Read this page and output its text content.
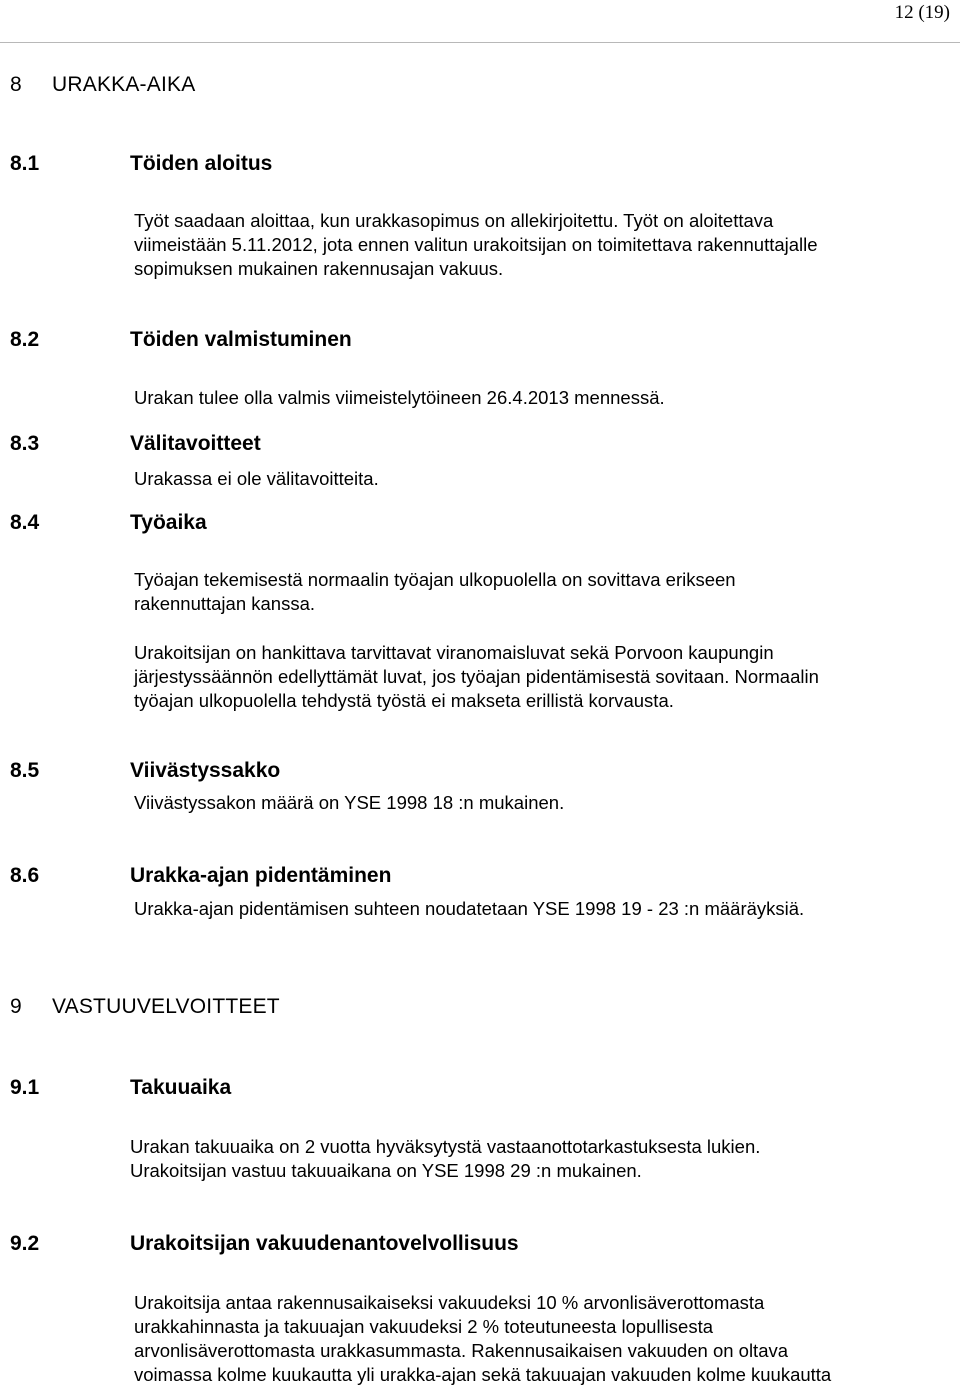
12 (19)
8 URAKKA-AIKA
8.1	Töiden aloitus
Työt saadaan aloittaa, kun urakkasopimus on allekirjoitettu. Työt on aloitettava
viimeistään 5.11.2012, jota ennen valitun urakoitsijan on toimitettava rakennuttajalle
sopimuksen mukainen rakennusajan vakuus.
8.2	Töiden valmistuminen
Urakan tulee olla valmis viimeistelytöineen 26.4.2013 mennessä.
8.3	Välitavoitteet
Urakassa ei ole välitavoitteita.
8.4	Työaika
Työajan tekemisestä normaalin työajan ulkopuolella on sovittava erikseen
rakennuttajan kanssa.
Urakoitsijan on hankittava tarvittavat viranomaisluvat sekä Porvoon kaupungin
järjestyssäännön edellyttämät luvat, jos työajan pidentämisestä sovitaan. Normaalin
työajan ulkopuolella tehdystä työstä ei makseta erillistä korvausta.
8.5	Viivästyssakko
Viivästyssakon määrä on YSE 1998 18 :n mukainen.
8.6	Urakka-ajan pidentäminen
Urakka-ajan pidentämisen suhteen noudatetaan YSE 1998 19 - 23 :n määräyksiä.
9 VASTUUVELVOITTEET
9.1	Takuuaika
Urakan takuuaika on 2 vuotta hyväksytystä vastaanottotarkastuksesta lukien.
Urakoitsijan vastuu takuuaikana on YSE 1998 29 :n mukainen.
9.2	Urakoitsijan vakuudenantovelvollisuus
Urakoitsija antaa rakennusaikaiseksi vakuudeksi 10 % arvonlisäverottomasta
urakkahinnasta ja takuuajan vakuudeksi 2 % toteutuneesta lopullisesta
arvonlisäverottomasta urakkasummasta. Rakennusaikaisen vakuuden on oltava
voimassa kolme kuukautta yli urakka-ajan sekä takuuajan vakuuden kolme kuukautta
